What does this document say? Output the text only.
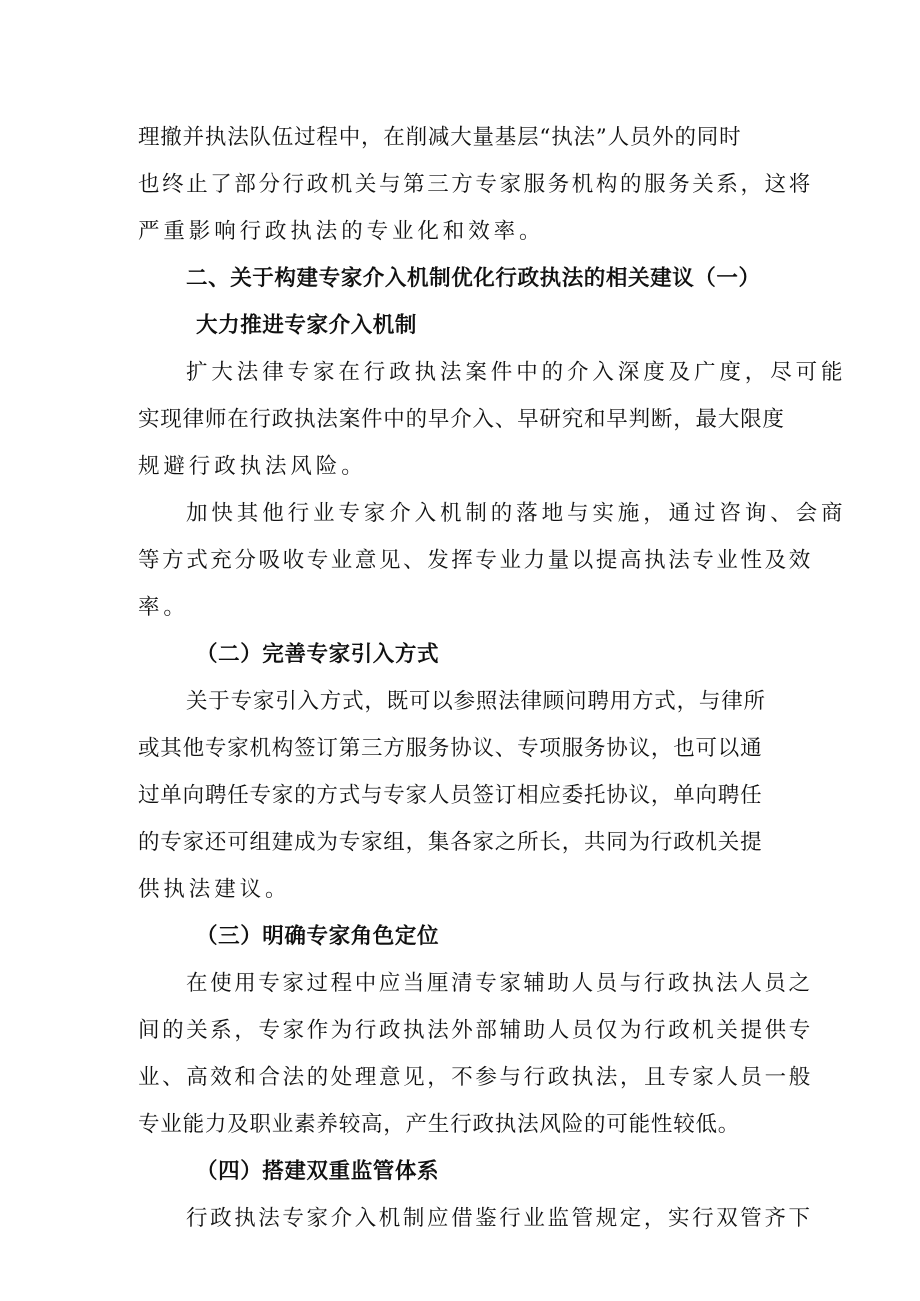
理撤并执法队伍过程中，在削减大量基层“执法”人员外的同时
也终止了部分行政机关与第三方专家服务机构的服务关系，这将
严重影响行政执法的专业化和效率。
二、关于构建专家介入机制优化行政执法的相关建议（一）
大力推进专家介入机制
扩大法律专家在行政执法案件中的介入深度及广度，尽可能
实现律师在行政执法案件中的早介入、早研究和早判断，最大限度
规避行政执法风险。
加快其他行业专家介入机制的落地与实施，通过咨询、会商
等方式充分吸收专业意见、发挥专业力量以提高执法专业性及效
率。
（二）完善专家引入方式
关于专家引入方式，既可以参照法律顾问聘用方式，与律所
或其他专家机构签订第三方服务协议、专项服务协议，也可以通
过单向聘任专家的方式与专家人员签订相应委托协议，单向聘任
的专家还可组建成为专家组，集各家之所长，共同为行政机关提
供执法建议。
（三）明确专家角色定位
在使用专家过程中应当厘清专家辅助人员与行政执法人员之
间的关系，专家作为行政执法外部辅助人员仅为行政机关提供专
业、高效和合法的处理意见，不参与行政执法，且专家人员一般
专业能力及职业素养较高，产生行政执法风险的可能性较低。
（四）搭建双重监管体系
行政执法专家介入机制应借鉴行业监管规定，实行双管齐下
